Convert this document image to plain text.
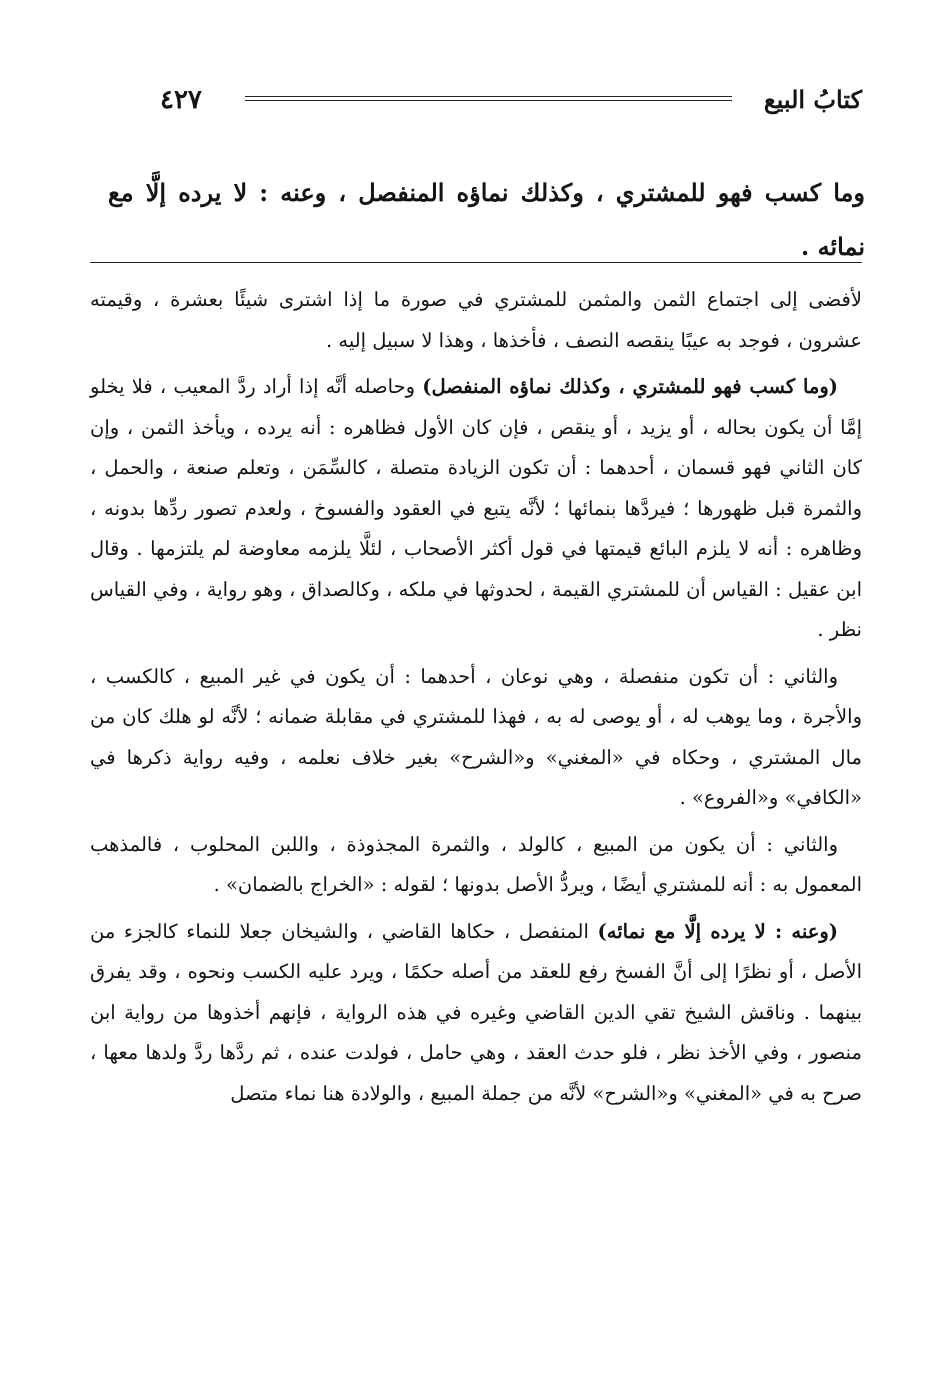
كتابُ البيع
٤٢٧

وما كسب فهو للمشتري ، وكذلك نماؤه المنفصل ، وعنه : لا يرده إلَّا مع نمائه .

لأفضى إلى اجتماع الثمن والمثمن للمشتري في صورة ما إذا اشترى شيئًا بعشرة ، وقيمته عشرون ، فوجد به عيبًا ينقصه النصف ، فأخذها ، وهذا لا سبيل إليه .

(وما كسب فهو للمشتري ، وكذلك نماؤه المنفصل) وحاصله أنَّه إذا أراد ردَّ المعيب ، فلا يخلو إمَّا أن يكون بحاله ، أو يزيد ، أو ينقص ، فإن كان الأول فظاهره : أنه يرده ، ويأخذ الثمن ، وإن كان الثاني فهو قسمان ، أحدهما : أن تكون الزيادة متصلة ، كالسِّمَن ، وتعلم صنعة ، والحمل ، والثمرة قبل ظهورها ؛ فيردَّها بنمائها ؛ لأنَّه يتبع في العقود والفسوخ ، ولعدم تصور ردِّها بدونه ، وظاهره : أنه لا يلزم البائع قيمتها في قول أكثر الأصحاب ، لئلَّا يلزمه معاوضة لم يلتزمها . وقال ابن عقيل : القياس أن للمشتري القيمة ، لحدوثها في ملكه ، وكالصداق ، وهو رواية ، وفي القياس نظر .

والثاني : أن تكون منفصلة ، وهي نوعان ، أحدهما : أن يكون في غير المبيع ، كالكسب ، والأجرة ، وما يوهب له ، أو يوصى له به ، فهذا للمشتري في مقابلة ضمانه ؛ لأنَّه لو هلك كان من مال المشتري ، وحكاه في «المغني» و«الشرح» بغير خلاف نعلمه ، وفيه رواية ذكرها في «الكافي» و«الفروع» .

والثاني : أن يكون من المبيع ، كالولد ، والثمرة المجذوذة ، واللبن المحلوب ، فالمذهب المعمول به : أنه للمشتري أيضًا ، ويردُّ الأصل بدونها ؛ لقوله : «الخراج بالضمان» .

(وعنه : لا يرده إلَّا مع نمائه) المنفصل ، حكاها القاضي ، والشيخان جعلا للنماء كالجزء من الأصل ، أو نظرًا إلى أنَّ الفسخ رفع للعقد من أصله حكمًا ، ويرد عليه الكسب ونحوه ، وقد يفرق بينهما . وناقش الشيخ تقي الدين القاضي وغيره في هذه الرواية ، فإنهم أخذوها من رواية ابن منصور ، وفي الأخذ نظر ، فلو حدث العقد ، وهي حامل ، فولدت عنده ، ثم ردَّها ردَّ ولدها معها ، صرح به في «المغني» و«الشرح» لأنَّه من جملة المبيع ، والولادة هنا نماء متصل
